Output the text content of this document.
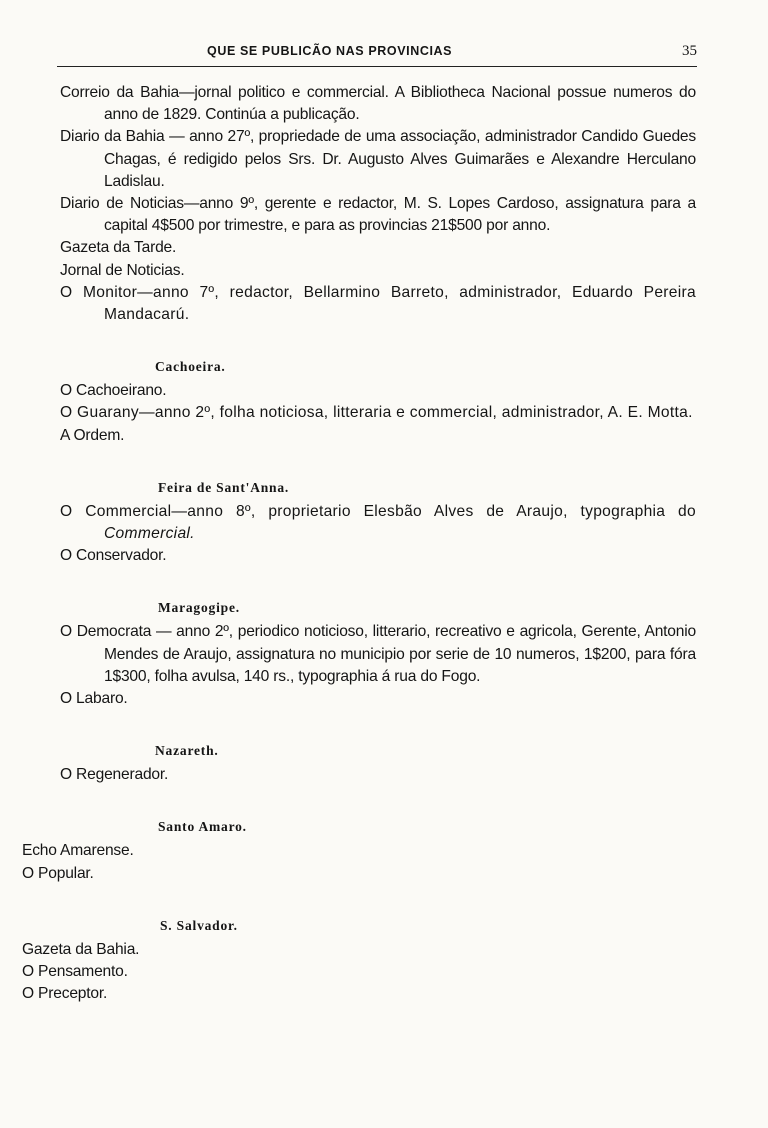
QUE SE PUBLICÃO NAS PROVINCIAS	35

Correio da Bahia—jornal politico e commercial. A Bibliotheca Nacional possue numeros do anno de 1829. Continúa a publicação.

Diario da Bahia — anno 27º, propriedade de uma associação, administrador Candido Guedes Chagas, é redigido pelos Srs. Dr. Augusto Alves Guimarães e Alexandre Herculano Ladislau.

Diario de Noticias—anno 9º, gerente e redactor, M. S. Lopes Cardoso, assignatura para a capital 4$500 por trimestre, e para as provincias 21$500 por anno.

Gazeta da Tarde.

Jornal de Noticias.

O Monitor—anno 7º, redactor, Bellarmino Barreto, administrador, Eduardo Pereira Mandacarú.

Cachoeira.

O Cachoeirano.

O Guarany—anno 2º, folha noticiosa, litteraria e commercial, administrador, A. E. Motta.

A Ordem.

Feira de Sant'Anna.

O Commercial—anno 8º, proprietario Elesbão Alves de Araujo, typographia do Commercial.

O Conservador.

Maragogipe.

O Democrata — anno 2º, periodico noticioso, litterario, recreativo e agricola, Gerente, Antonio Mendes de Araujo, assignatura no municipio por serie de 10 numeros, 1$200, para fóra 1$300, folha avulsa, 140 rs., typographia á rua do Fogo.

O Labaro.

Nazareth.

O Regenerador.

Santo Amaro.

Echo Amarense.

O Popular.

S. Salvador.

Gazeta da Bahia.

O Pensamento.

O Preceptor.
